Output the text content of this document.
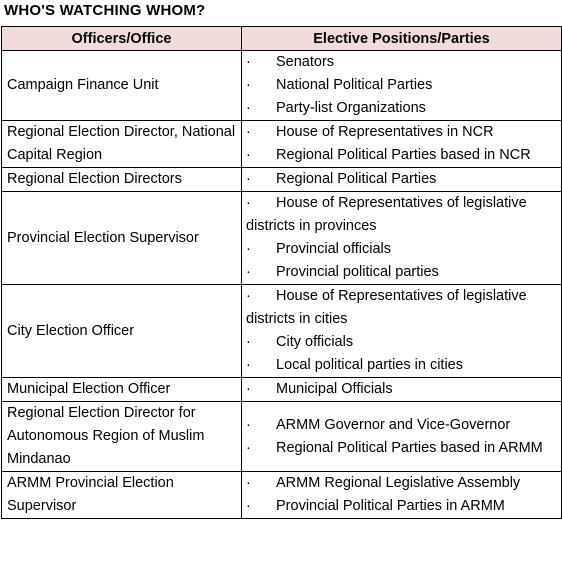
WHO'S WATCHING WHOM?
Officers/Office	Elective Positions/Parties
Campaign Finance Unit	· Senators
· National Political Parties
· Party-list Organizations

Regional Election Director, National Capital Region	· House of Representatives in NCR
· Regional Political Parties based in NCR

Regional Election Directors	· Regional Political Parties

Provincial Election Supervisor	· House of Representatives of legislative districts in provinces
· Provincial officials
· Provincial political parties

City Election Officer	· House of Representatives of legislative districts in cities
· City officials
· Local political parties in cities

Municipal Election Officer	· Municipal Officials

Regional Election Director for Autonomous Region of Muslim Mindanao	· ARMM Governor and Vice-Governor
· Regional Political Parties based in ARMM

ARMM Provincial Election Supervisor	· ARMM Regional Legislative Assembly
· Provincial Political Parties in ARMM
